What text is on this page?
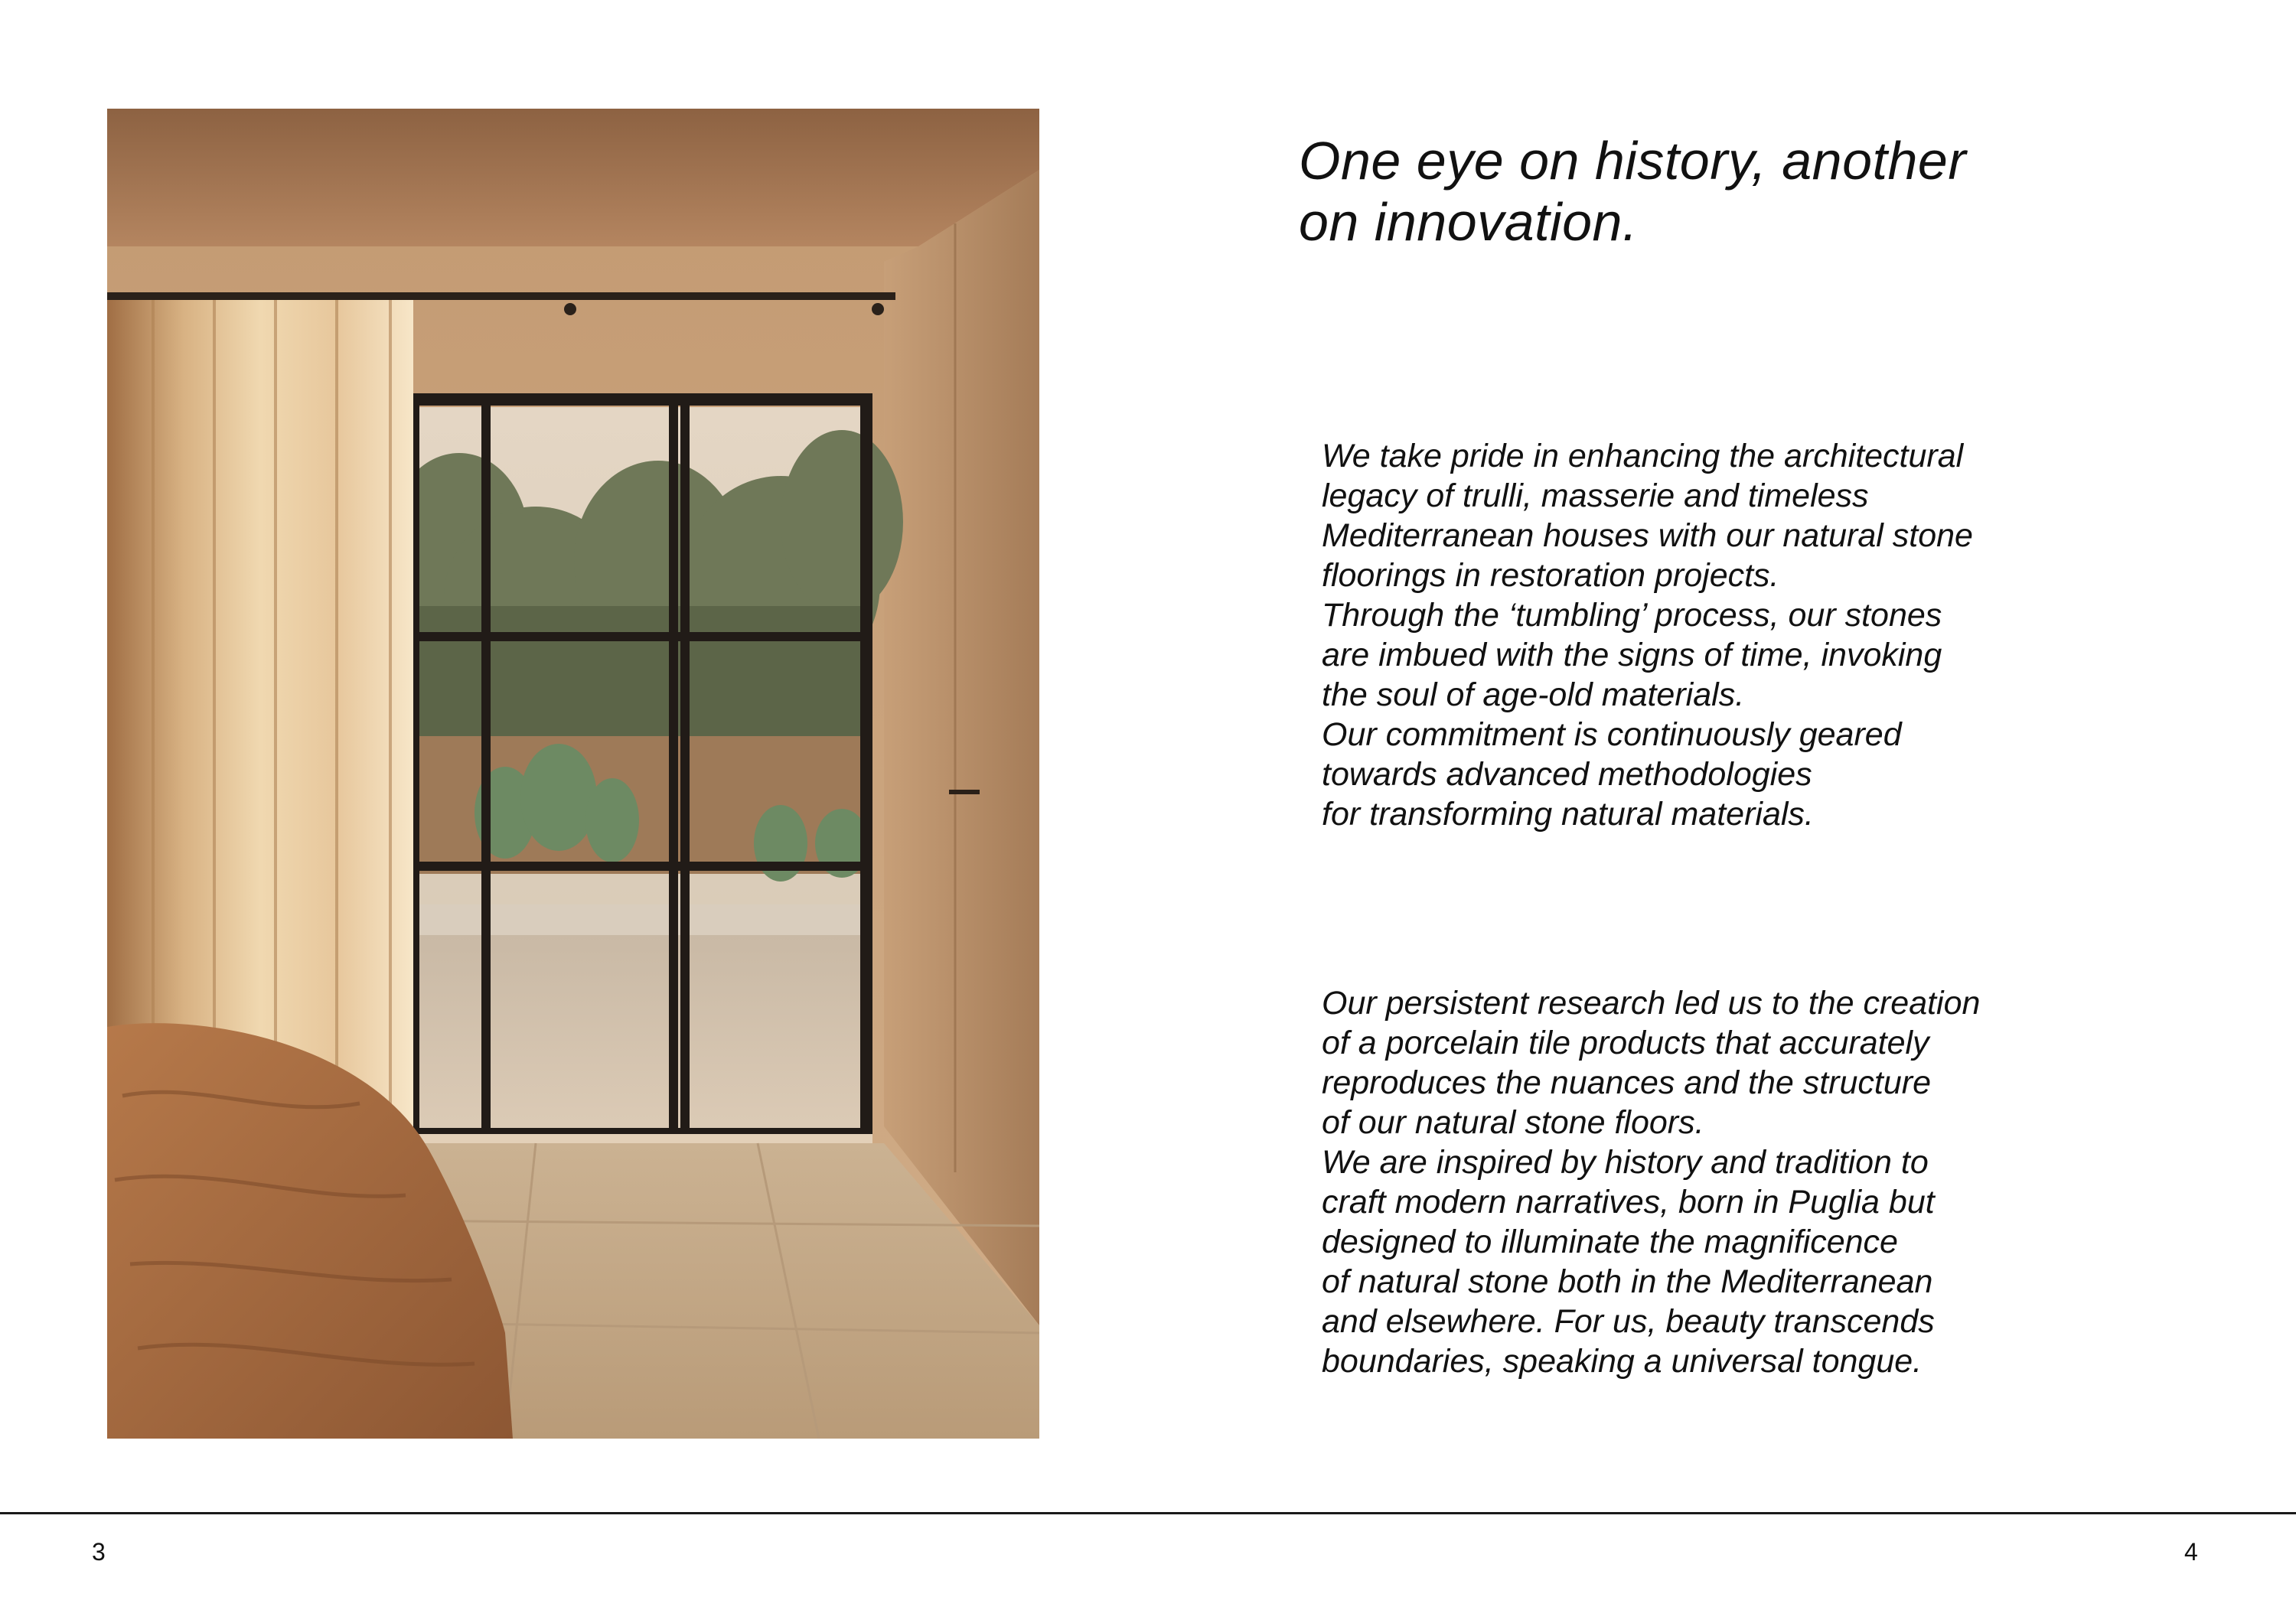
One eye on history, another
on innovation.
We take pride in enhancing the architectural
legacy of trulli, masserie and timeless
Mediterranean houses with our natural stone
floorings in restoration projects.
Through the ‘tumbling’ process, our stones
are imbued with the signs of time, invoking
the soul of age-old materials.
Our commitment is continuously geared
towards advanced methodologies
for transforming natural materials.
Our persistent research led us to the creation
of a porcelain tile products that accurately
reproduces the nuances and the structure
of our natural stone floors.
We are inspired by history and tradition to
craft modern narratives, born in Puglia but
designed to illuminate the magnificence
of natural stone both in the Mediterranean
and elsewhere. For us, beauty transcends
boundaries, speaking a universal tongue.
3	4
